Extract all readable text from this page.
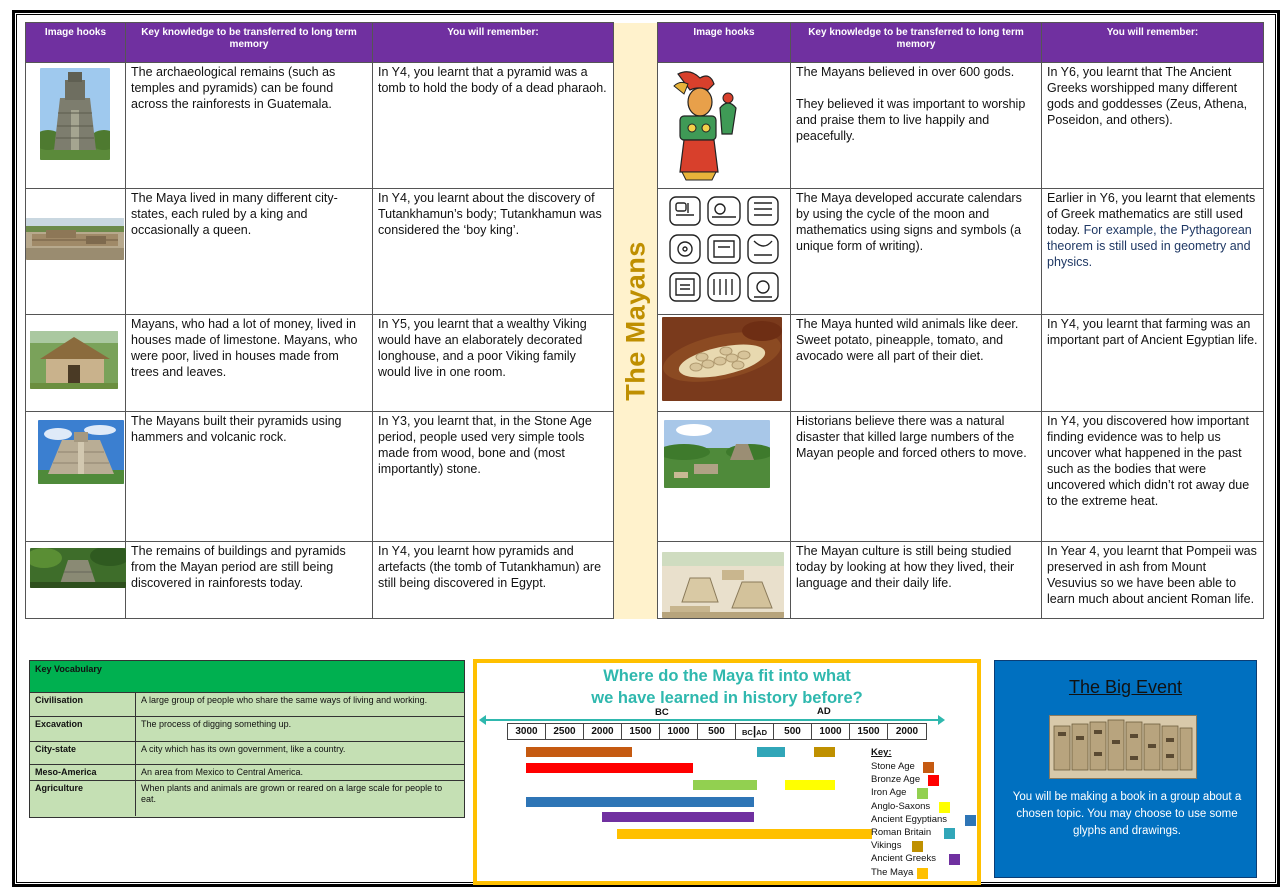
Image hooks	Key knowledge to be transferred to long term memory	You will remember:	The Mayans	Image hooks	Key knowledge to be transferred to long term memory	You will remember:

	The archaeological remains (such as temples and pyramids) can be found across the rainforests in Guatemala.	In Y4, you learnt that a pyramid was a tomb to hold the body of a dead pharaoh.			The Mayans believed in over 600 gods.
They believed it was important to worship and praise them to live happily and peacefully.	In Y6, you learnt that The Ancient Greeks worshipped many different gods and goddesses (Zeus, Athena, Poseidon, and others).

	The Maya lived in many different city-states, each ruled by a king and occasionally a queen.	In Y4, you learnt about the discovery of Tutankhamun’s body; Tutankhamun was considered the ‘boy king’.			The Maya developed accurate calendars by using the cycle of the moon and mathematics using signs and symbols (a unique form of writing).	Earlier in Y6, you learnt that elements of Greek mathematics are still used today. For example, the Pythagorean theorem is still used in geometry and physics.

	Mayans, who had a lot of money, lived in houses made of limestone. Mayans, who were poor, lived in houses made from trees and leaves.	In Y5, you learnt that a wealthy Viking would have an elaborately decorated longhouse, and a poor Viking family would live in one room.			The Maya hunted wild animals like deer. Sweet potato, pineapple, tomato, and avocado were all part of their diet.	In Y4, you learnt that farming was an important part of Ancient Egyptian life.

	The Mayans built their pyramids using hammers and volcanic rock.	In Y3, you learnt that, in the Stone Age period, people used very simple tools made from wood, bone and (most importantly) stone.			Historians believe there was a natural disaster that killed large numbers of the Mayan people and forced others to move.	In Y4, you discovered how important finding evidence was to help us uncover what happened in the past such as the bodies that were uncovered which didn’t rot away due to the extreme heat.

	The remains of buildings and pyramids from the Mayan period are still being discovered in rainforests today.	In Y4, you learnt how pyramids and artefacts (the tomb of Tutankhamun) are still being discovered in Egypt.			The Mayan culture is still being studied today by looking at how they lived, their language and their daily life.	In Year 4, you learnt that Pompeii was preserved in ash from Mount Vesuvius so we have been able to learn much about ancient Roman life.
Key Vocabulary
Civilisation	A large group of people who share the same ways of living and working.
Excavation	The process of digging something up.
City-state	A city which has its own government, like a country.
Meso-America	An area from Mexico to Central America.
Agriculture	When plants and animals are grown or reared on a large scale for people to eat.
Where do the Maya fit into what
we have learned in history before?
BC	AD
3000	2500	2000	1500	1000	500	BC|AD	500	1000	1500	2000
Key:
Stone Age
Bronze Age
Iron Age
Anglo-Saxons
Ancient Egyptians
Roman Britain
Vikings
Ancient Greeks
The Maya
The Big Event
You will be making a book in a group about a chosen topic. You may choose to use some glyphs and drawings.
